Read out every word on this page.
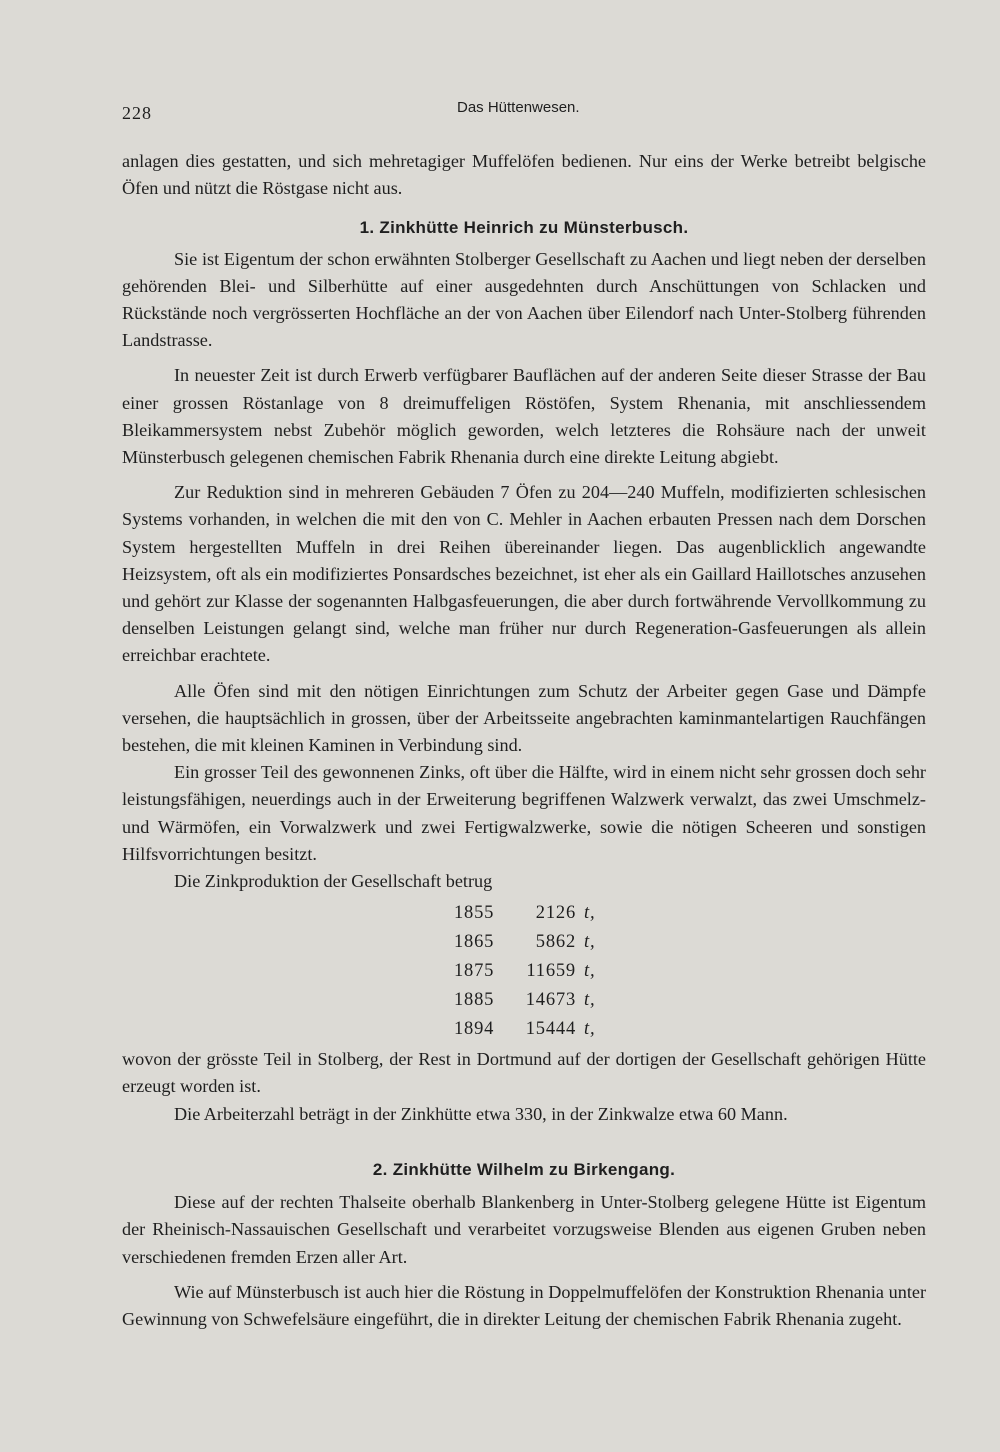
228	Das Hüttenwesen.

anlagen dies gestatten, und sich mehretagiger Muffelöfen bedienen. Nur eins der Werke betreibt belgische Öfen und nützt die Röstgase nicht aus.

1. Zinkhütte Heinrich zu Münsterbusch.

Sie ist Eigentum der schon erwähnten Stolberger Gesellschaft zu Aachen und liegt neben der derselben gehörenden Blei- und Silberhütte auf einer ausgedehnten durch Anschüttungen von Schlacken und Rückstände noch vergrösserten Hochfläche an der von Aachen über Eilendorf nach Unter-Stolberg führenden Landstrasse.

In neuester Zeit ist durch Erwerb verfügbarer Bauflächen auf der anderen Seite dieser Strasse der Bau einer grossen Röstanlage von 8 dreimuffeligen Röstöfen, System Rhenania, mit anschliessendem Bleikammersystem nebst Zubehör möglich geworden, welch letzteres die Rohsäure nach der unweit Münsterbusch gelegenen chemischen Fabrik Rhenania durch eine direkte Leitung abgiebt.

Zur Reduktion sind in mehreren Gebäuden 7 Öfen zu 204—240 Muffeln, modifizierten schlesischen Systems vorhanden, in welchen die mit den von C. Mehler in Aachen erbauten Pressen nach dem Dorschen System hergestellten Muffeln in drei Reihen übereinander liegen. Das augenblicklich angewandte Heizsystem, oft als ein modifiziertes Ponsardsches bezeichnet, ist eher als ein Gaillard Haillotsches anzusehen und gehört zur Klasse der sogenannten Halbgasfeuerungen, die aber durch fortwährende Vervollkommung zu denselben Leistungen gelangt sind, welche man früher nur durch Regeneration-Gasfeuerungen als allein erreichbar erachtete.

Alle Öfen sind mit den nötigen Einrichtungen zum Schutz der Arbeiter gegen Gase und Dämpfe versehen, die hauptsächlich in grossen, über der Arbeitsseite angebrachten kaminmantelartigen Rauchfängen bestehen, die mit kleinen Kaminen in Verbindung sind.

Ein grosser Teil des gewonnenen Zinks, oft über die Hälfte, wird in einem nicht sehr grossen doch sehr leistungsfähigen, neuerdings auch in der Erweiterung begriffenen Walzwerk verwalzt, das zwei Umschmelz- und Wärmöfen, ein Vorwalzwerk und zwei Fertigwalzwerke, sowie die nötigen Scheeren und sonstigen Hilfsvorrichtungen besitzt.

Die Zinkproduktion der Gesellschaft betrug

1855	2126	t,
1865	5862	t,
1875	11659	t,
1885	14673	t,
1894	15444	t,

wovon der grösste Teil in Stolberg, der Rest in Dortmund auf der dortigen der Gesellschaft gehörigen Hütte erzeugt worden ist.

Die Arbeiterzahl beträgt in der Zinkhütte etwa 330, in der Zinkwalze etwa 60 Mann.

2. Zinkhütte Wilhelm zu Birkengang.

Diese auf der rechten Thalseite oberhalb Blankenberg in Unter-Stolberg gelegene Hütte ist Eigentum der Rheinisch-Nassauischen Gesellschaft und verarbeitet vorzugsweise Blenden aus eigenen Gruben neben verschiedenen fremden Erzen aller Art.

Wie auf Münsterbusch ist auch hier die Röstung in Doppelmuffelöfen der Konstruktion Rhenania unter Gewinnung von Schwefelsäure eingeführt, die in direkter Leitung der chemischen Fabrik Rhenania zugeht.
